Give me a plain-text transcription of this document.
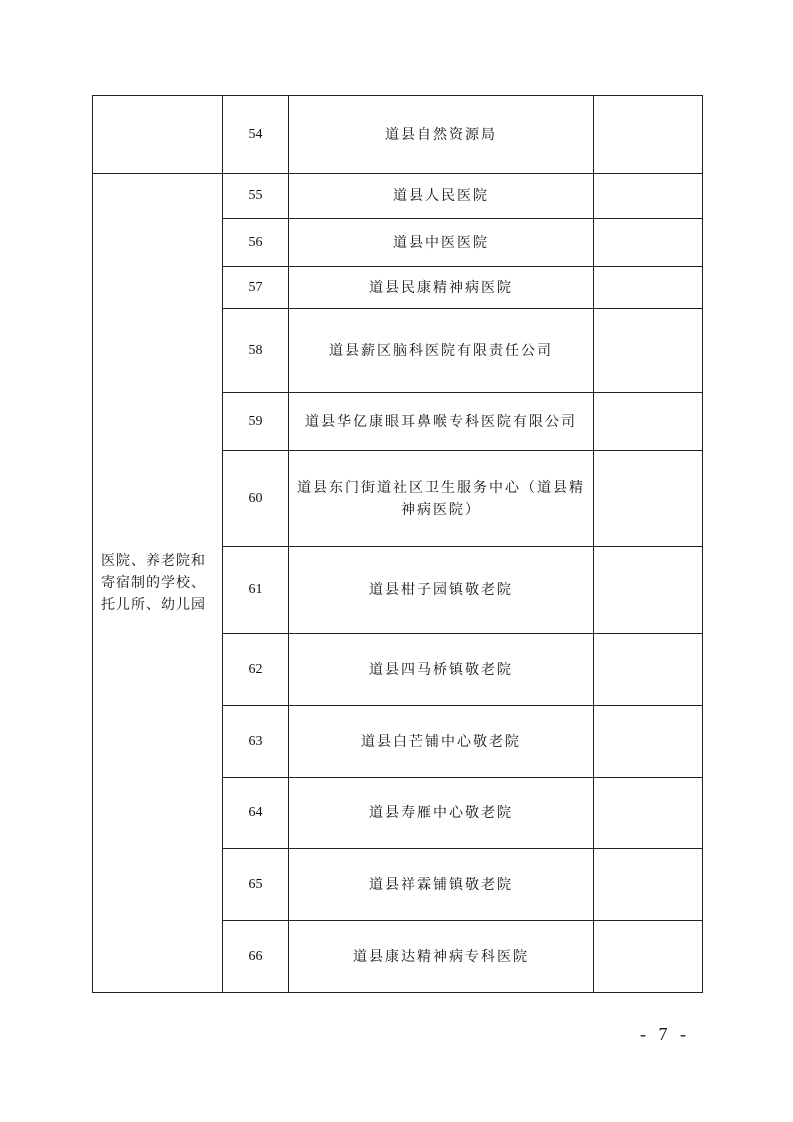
	54	道县自然资源局	
医院、养老院和寄宿制的学校、托儿所、幼儿园	55	道县人民医院	
	56	道县中医医院	
	57	道县民康精神病医院	
	58	道县薪区脑科医院有限责任公司	
	59	道县华亿康眼耳鼻喉专科医院有限公司	
	60	道县东门街道社区卫生服务中心（道县精神病医院）	
	61	道县柑子园镇敬老院	
	62	道县四马桥镇敬老院	
	63	道县白芒铺中心敬老院	
	64	道县寿雁中心敬老院	
	65	道县祥霖铺镇敬老院	
	66	道县康达精神病专科医院	
- 7 -
